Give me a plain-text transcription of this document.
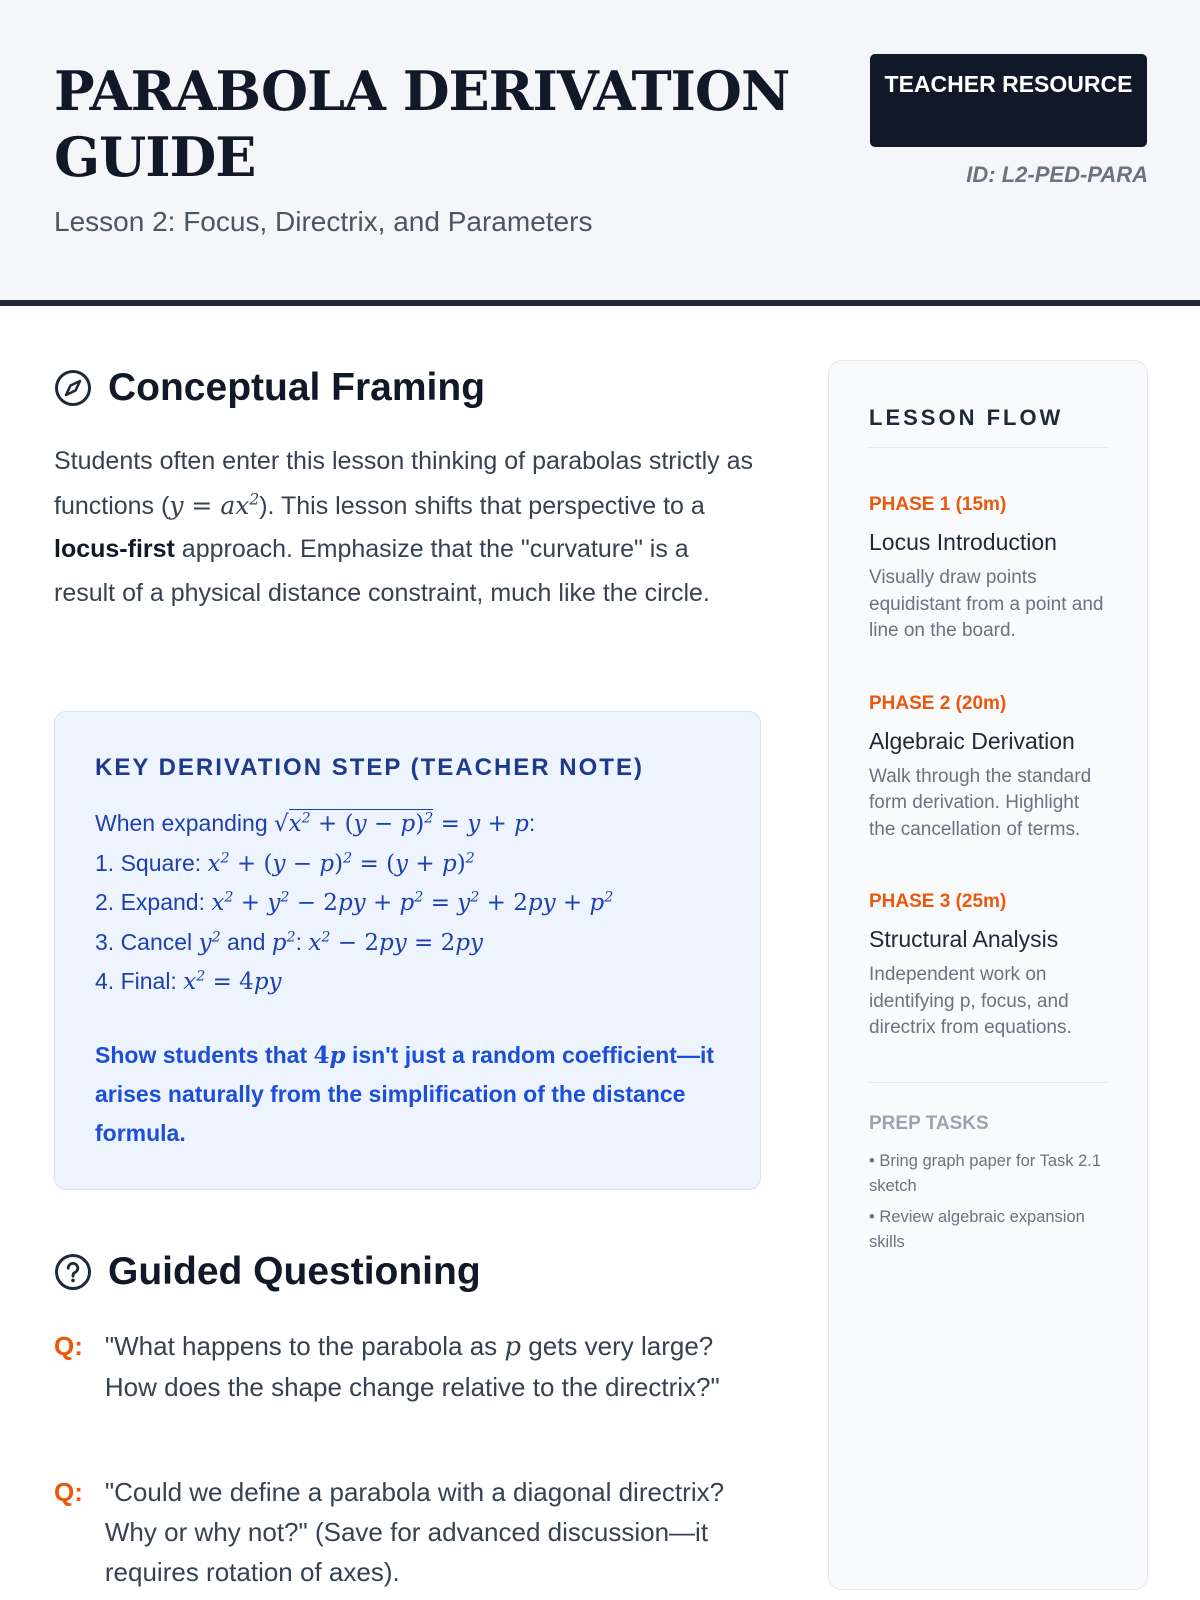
PARABOLA DERIVATION GUIDE
Lesson 2: Focus, Directrix, and Parameters
TEACHER RESOURCE
ID: L2-PED-PARA
Conceptual Framing

Students often enter this lesson thinking of parabolas strictly as functions $(y = ax^2)$. This lesson shifts that perspective to a locus-first approach. Emphasize that the "curvature" is a result of a physical distance constraint, much like the circle.

KEY DERIVATION STEP (TEACHER NOTE)
When expanding $√x^2 + (y - p)^2 = y + p$:
1. Square: $x^2 + (y - p)^2 = (y + p)^2$
2. Expand: $x^2 + y^2 - 2py + p^2 = y^2 + 2py + p^2$
3. Cancel $y^2$ and $p^2$: $x^2 - 2py = 2py$
4. Final: $x^2 = 4py$

Show students that 4p isn't just a random coefficient—it arises naturally from the simplification of the distance formula.

Guided Questioning
Q: "What happens to the parabola as p gets very large? How does the shape change relative to the directrix?"

Q: "Could we define a parabola with a diagonal directrix? Why or why not?" (Save for advanced discussion—it requires rotation of axes).

LESSON FLOW
PHASE 1 (15m)
Locus Introduction
Visually draw points equidistant from a point and line on the board.
PHASE 2 (20m)
Algebraic Derivation
Walk through the standard form derivation. Highlight the cancellation of terms.
PHASE 3 (25m)
Structural Analysis
Independent work on identifying p, focus, and directrix from equations.
PREP TASKS
• Bring graph paper for Task 2.1 sketch
• Review algebraic expansion skills
